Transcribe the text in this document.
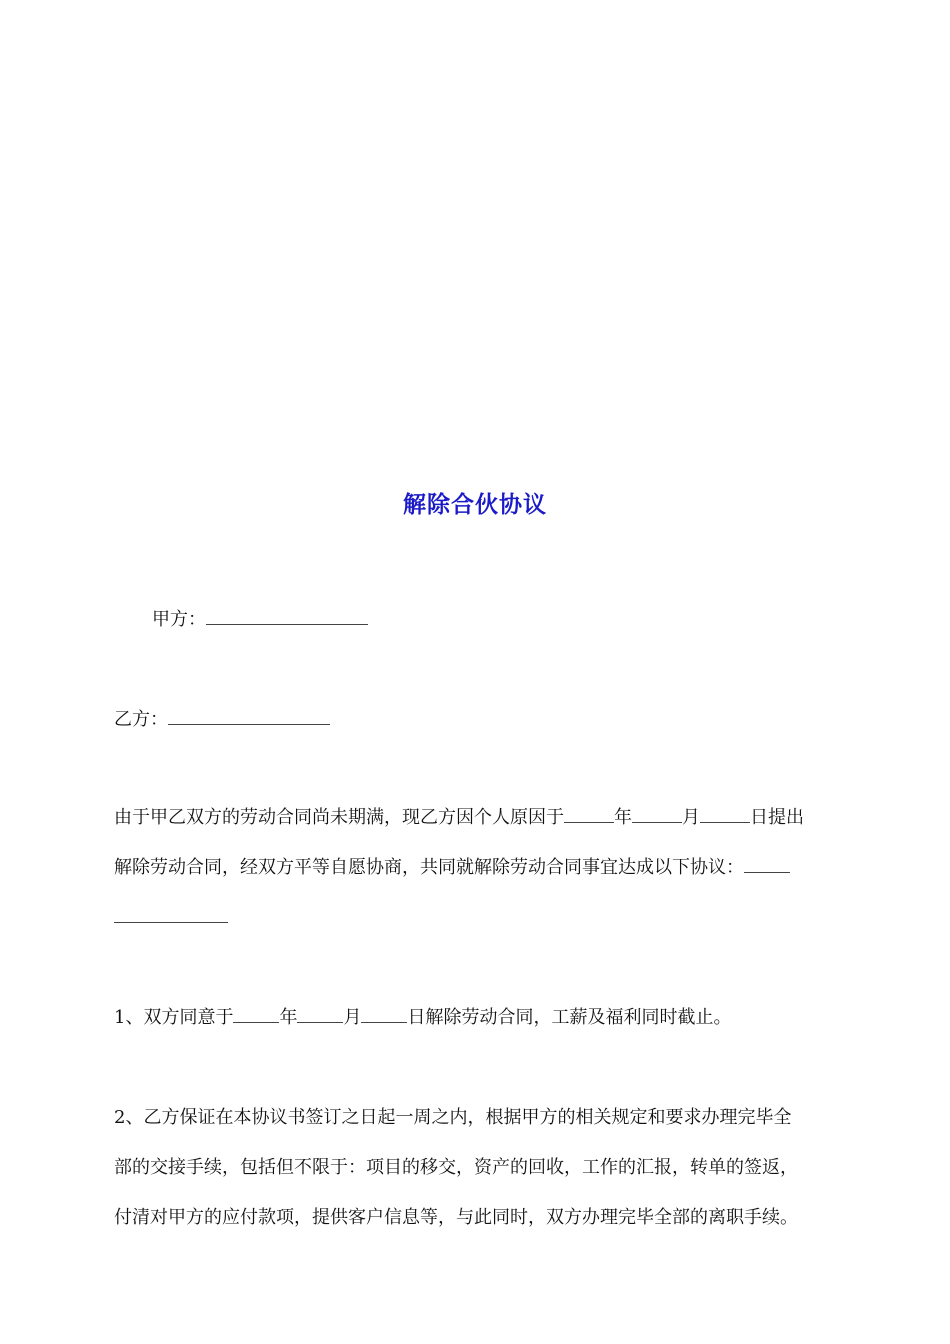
解除合伙协议
甲方：
乙方：
由于甲乙双方的劳动合同尚未期满，现乙方因个人原因于	年	月	日提出
解除劳动合同，经双方平等自愿协商，共同就解除劳动合同事宜达成以下协议：
1、双方同意于	年	月	日解除劳动合同，工薪及福利同时截止。
2、乙方保证在本协议书签订之日起一周之内，根据甲方的相关规定和要求办理完毕全
部的交接手续，包括但不限于：项目的移交，资产的回收，工作的汇报，转单的签返，
付清对甲方的应付款项，提供客户信息等，与此同时，双方办理完毕全部的离职手续。
